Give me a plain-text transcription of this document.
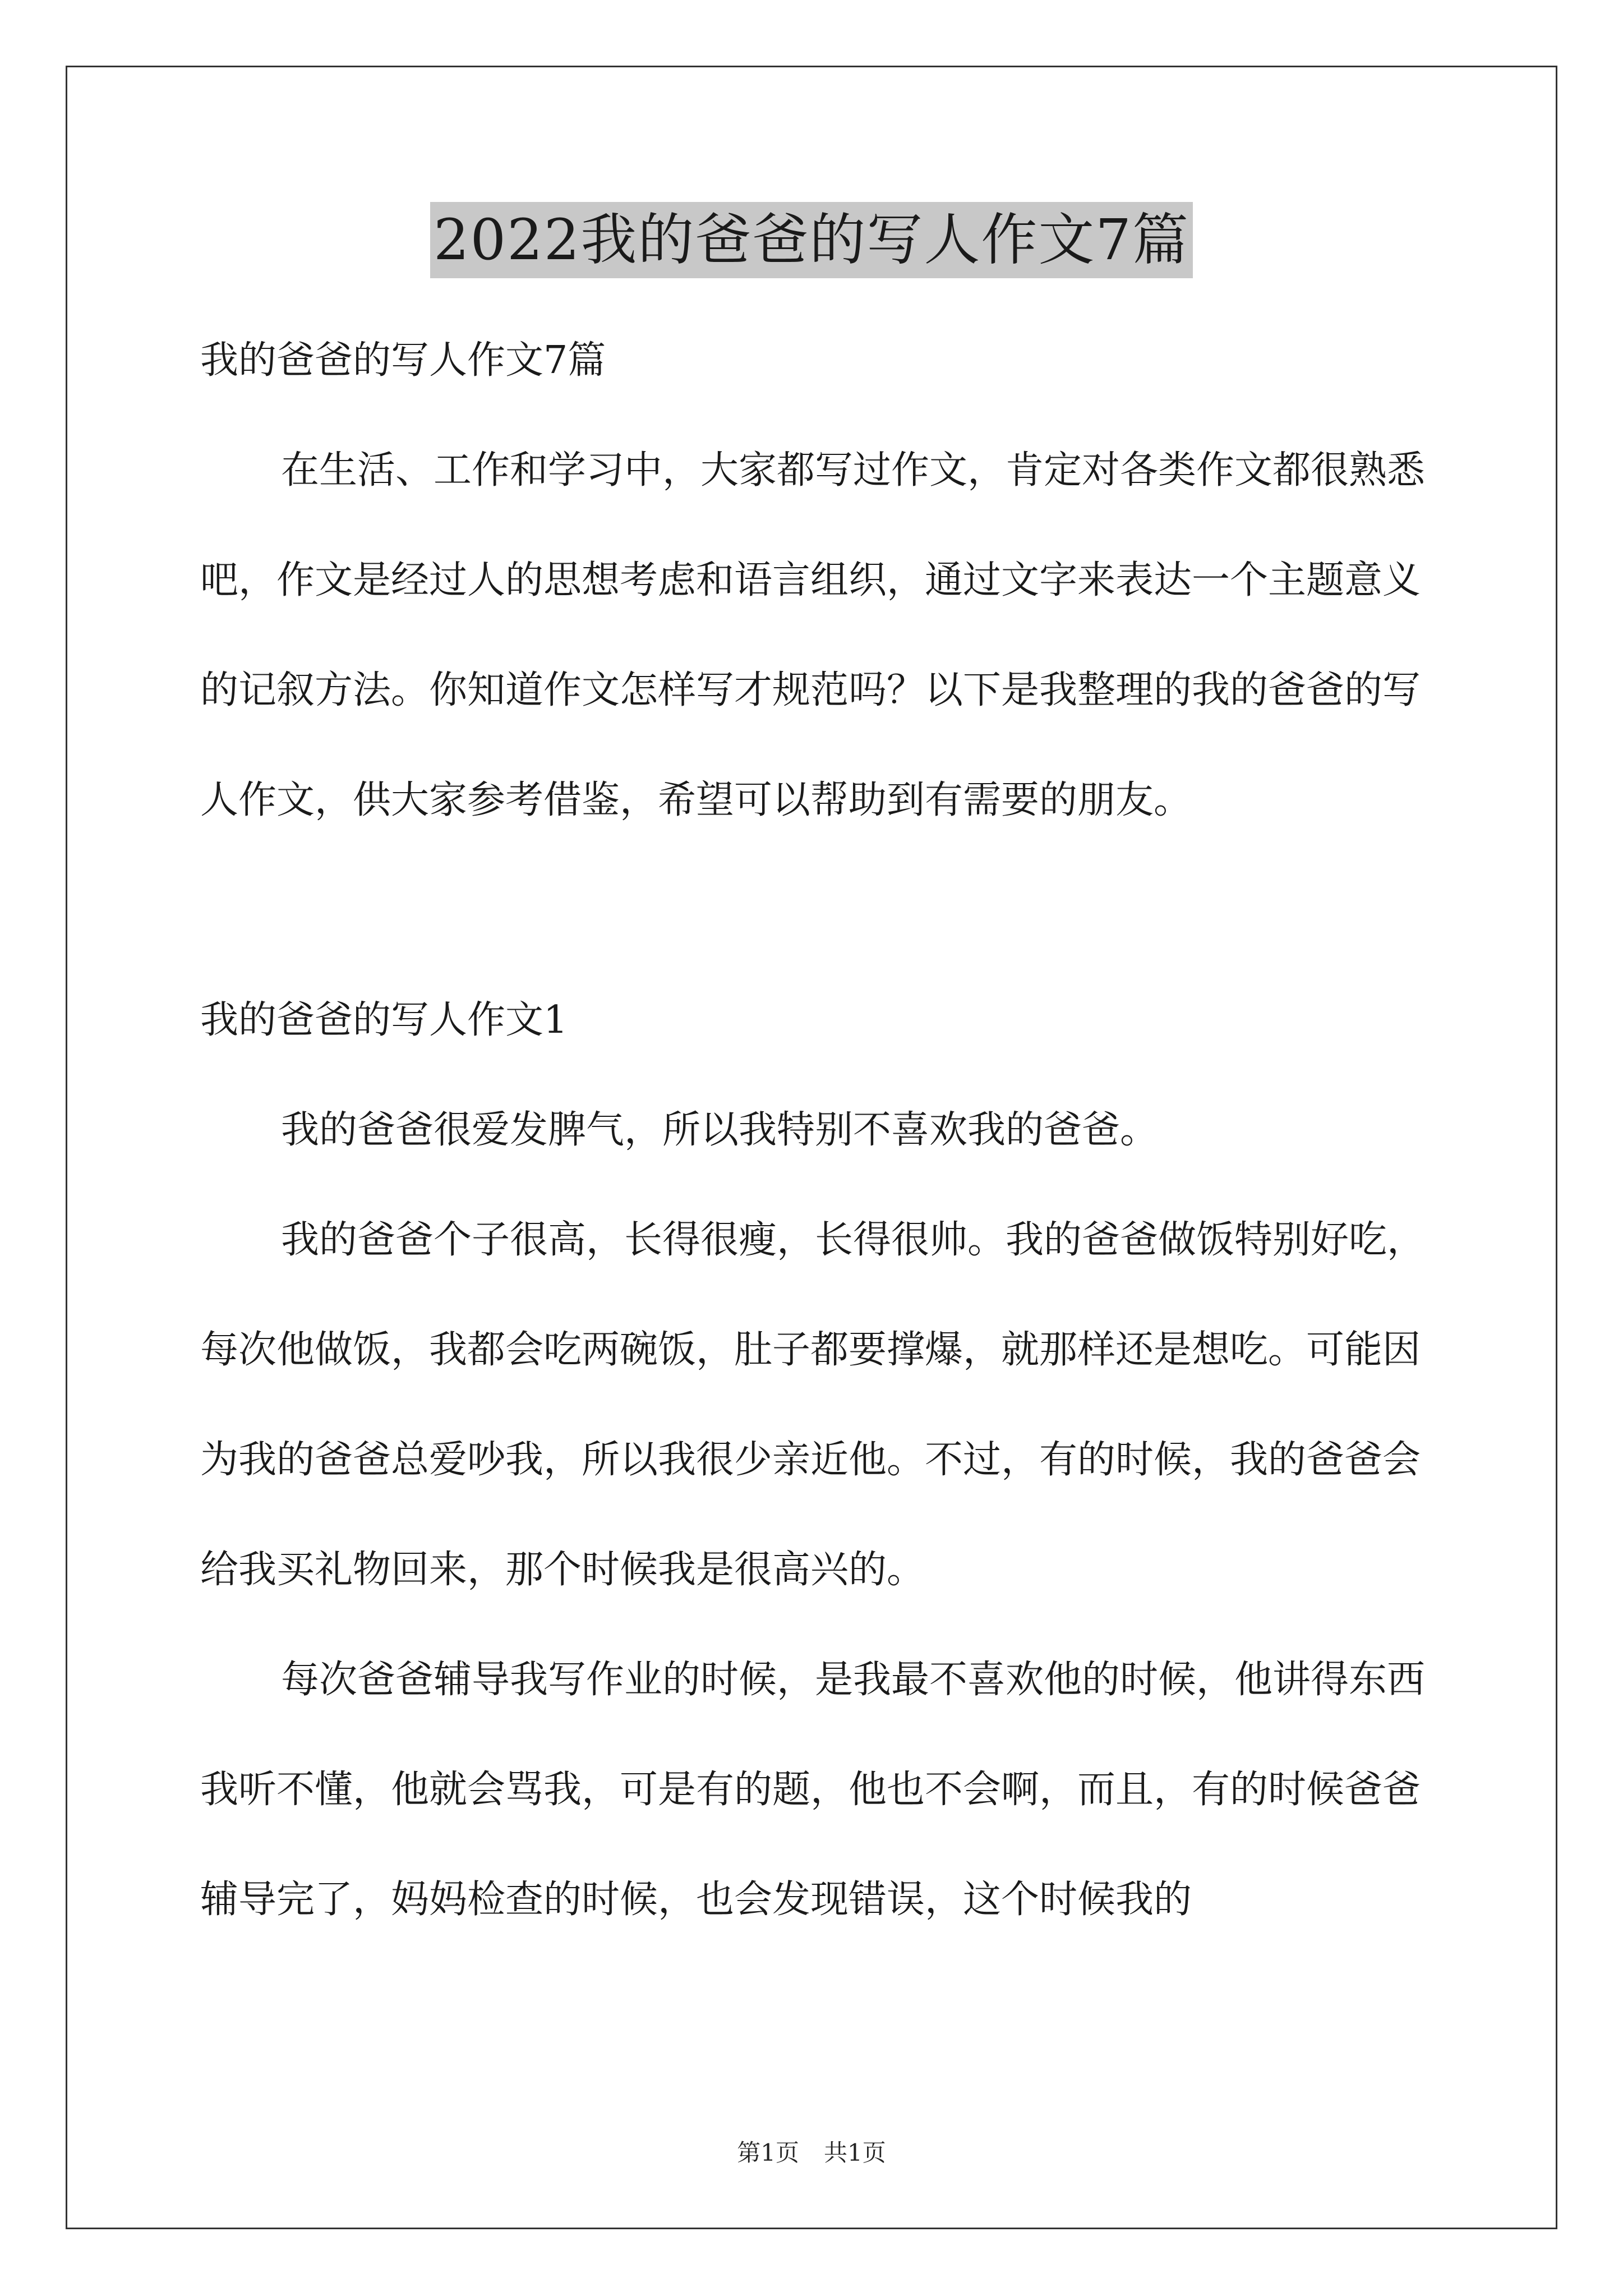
2022我的爸爸的写人作文7篇

我的爸爸的写人作文7篇

在生活、工作和学习中，大家都写过作文，肯定对各类作文都很熟悉吧，作文是经过人的思想考虑和语言组织，通过文字来表达一个主题意义的记叙方法。你知道作文怎样写才规范吗？以下是我整理的我的爸爸的写人作文，供大家参考借鉴，希望可以帮助到有需要的朋友。

我的爸爸的写人作文1

我的爸爸很爱发脾气，所以我特别不喜欢我的爸爸。

我的爸爸个子很高，长得很瘦，长得很帅。我的爸爸做饭特别好吃，每次他做饭，我都会吃两碗饭，肚子都要撑爆，就那样还是想吃。可能因为我的爸爸总爱吵我，所以我很少亲近他。不过，有的时候，我的爸爸会给我买礼物回来，那个时候我是很高兴的。

每次爸爸辅导我写作业的时候，是我最不喜欢他的时候，他讲得东西我听不懂，他就会骂我，可是有的题，他也不会啊，而且，有的时候爸爸辅导完了，妈妈检查的时候，也会发现错误，这个时候我的

第1页 共1页
